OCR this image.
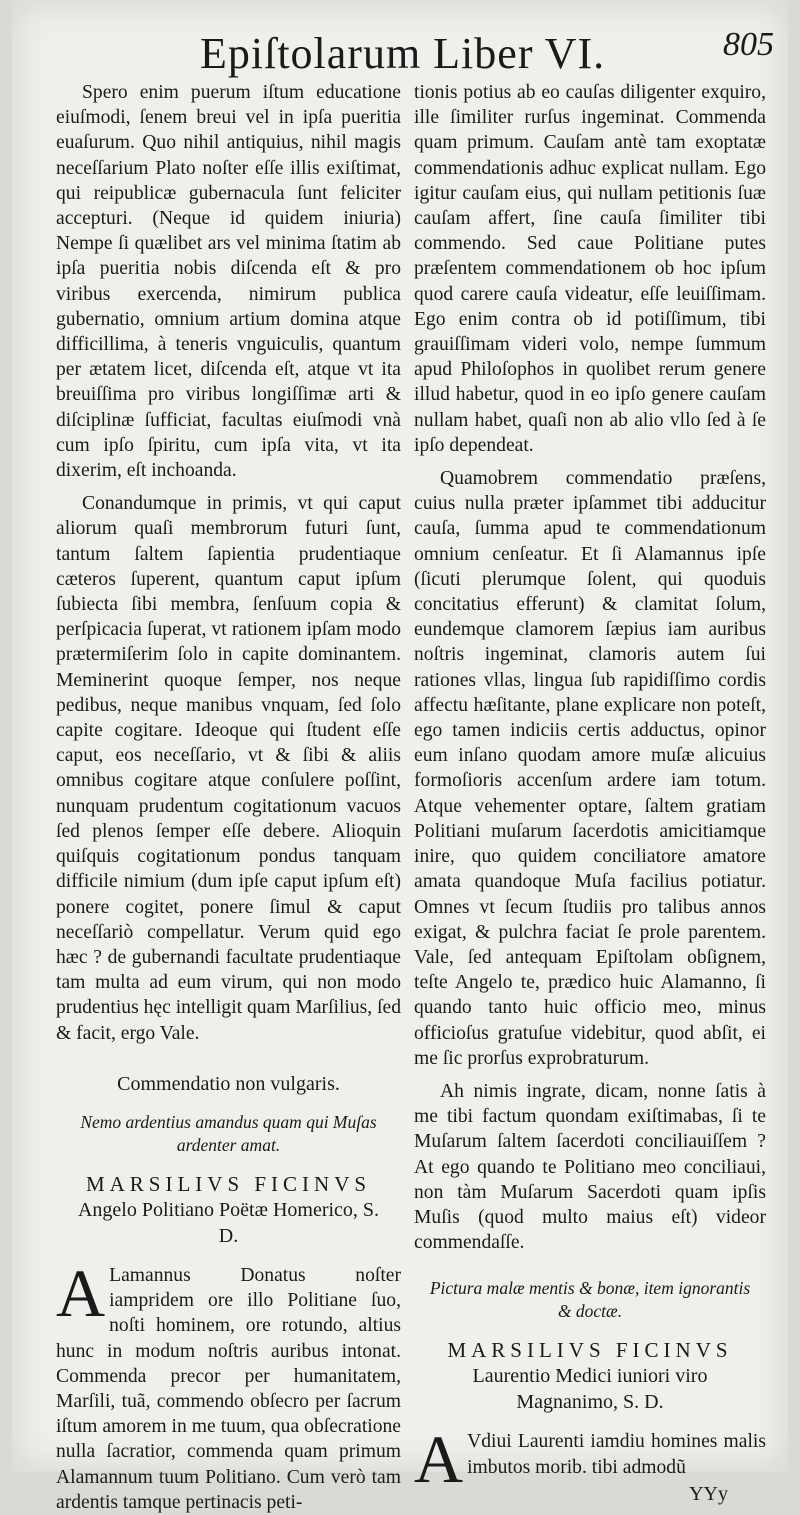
Epiſtolarum Liber VI.	805

Spero enim puerum iſtum educatione eiuſmodi, ſenem breui vel in ipſa pueritia euaſurum. Quo nihil antiquius, nihil magis neceſſarium Plato noſter eſſe illis exiſtimat, qui reipublicæ gubernacula ſunt feliciter accepturi. (Neque id quidem iniuria) Nempe ſi quælibet ars vel minima ſtatim ab ipſa pueritia nobis diſcenda eſt & pro viribus exercenda, nimirum publica gubernatio, omnium artium domina atque difficillima, à teneris vnguiculis, quantum per ætatem licet, diſcenda eſt, atque vt ita breuiſſima pro viribus longiſſimæ arti & diſciplinæ ſufficiat, facultas eiuſmodi vnà cum ipſo ſpiritu, cum ipſa vita, vt ita dixerim, eſt inchoanda.

Conandumque in primis, vt qui caput aliorum quaſi membrorum futuri ſunt, tantum ſaltem ſapientia prudentiaque cæteros ſuperent, quantum caput ipſum ſubiecta ſibi membra, ſenſuum copia & perſpicacia ſuperat, vt rationem ipſam modo prætermiſerim ſolo in capite dominantem. Meminerint quoque ſemper, nos neque pedibus, neque manibus vnquam, ſed ſolo capite cogitare. Ideoque qui ſtudent eſſe caput, eos neceſſario, vt & ſibi & aliis omnibus cogitare atque conſulere poſſint, nunquam prudentum cogitationum vacuos ſed plenos ſemper eſſe debere. Alioquin quiſquis cogitationum pondus tanquam difficile nimium (dum ipſe caput ipſum eſt) ponere cogitet, ponere ſimul & caput neceſſariò compellatur. Verum quid ego hæc ? de gubernandi facultate prudentiaque tam multa ad eum virum, qui non modo prudentius hęc intelligit quam Marſilius, ſed & facit, ergo Vale.

Commendatio non vulgaris.
Nemo ardentius amandus quam qui Muſas ardenter amat.
MARSILIVS FICINVS
Angelo Politiano Poëtæ Homerico, S. D.

A Lamannus Donatus noſter iampridem ore illo Politiane ſuo, noſti hominem, ore rotundo, altius hunc in modum noſtris auribus intonat. Commenda precor per humanitatem, Marſili, tuã, commendo obſecro per ſacrum iſtum amorem in me tuum, qua obſecratione nulla ſacratior, commenda quam primum Alamannum tuum Politiano. Cum verò tam ardentis tamque pertinacis peti-

tionis potius ab eo cauſas diligenter exquiro, ille ſimiliter rurſus ingeminat. Commenda quam primum. Cauſam antè tam exoptatæ commendationis adhuc explicat nullam. Ego igitur cauſam eius, qui nullam petitionis ſuæ cauſam affert, ſine cauſa ſimiliter tibi commendo. Sed caue Politiane putes præſentem commendationem ob hoc ipſum quod carere cauſa videatur, eſſe leuiſſimam. Ego enim contra ob id potiſſimum, tibi grauiſſimam videri volo, nempe ſummum apud Philoſophos in quolibet rerum genere illud habetur, quod in eo ipſo genere cauſam nullam habet, quaſi non ab alio vllo ſed à ſe ipſo dependeat.

Quamobrem commendatio præſens, cuius nulla præter ipſammet tibi adducitur cauſa, ſumma apud te commendationum omnium cenſeatur. Et ſi Alamannus ipſe (ſicuti plerumque ſolent, qui quoduis concitatius efferunt) & clamitat ſolum, eundemque clamorem ſæpius iam auribus noſtris ingeminat, clamoris autem ſui rationes vllas, lingua ſub rapidiſſimo cordis affectu hæſitante, plane explicare non poteſt, ego tamen indiciis certis adductus, opinor eum inſano quodam amore muſæ alicuius formoſioris accenſum ardere iam totum. Atque vehementer optare, ſaltem gratiam Politiani muſarum ſacerdotis amicitiamque inire, quo quidem conciliatore amatore amata quandoque Muſa facilius potiatur. Omnes vt ſecum ſtudiis pro talibus annos exigat, & pulchra faciat ſe prole parentem. Vale, ſed antequam Epiſtolam obſignem, teſte Angelo te, prædico huic Alamanno, ſi quando tanto huic officio meo, minus officioſus gratuſue videbitur, quod abſit, ei me ſic prorſus exprobraturum.

Ah nimis ingrate, dicam, nonne ſatis à me tibi factum quondam exiſtimabas, ſi te Muſarum ſaltem ſacerdoti conciliauiſſem ? At ego quando te Politiano meo conciliaui, non tàm Muſarum Sacerdoti quam ipſis Muſis (quod multo maius eſt) videor commendaſſe.

Pictura malæ mentis & bonæ, item ignorantis & doctæ.
MARSILIVS FICINVS
Laurentio Medici iuniori viro Magnanimo, S. D.

A Vdiui Laurenti iamdiu homines malis imbutos morib. tibi admodũ

YYy
